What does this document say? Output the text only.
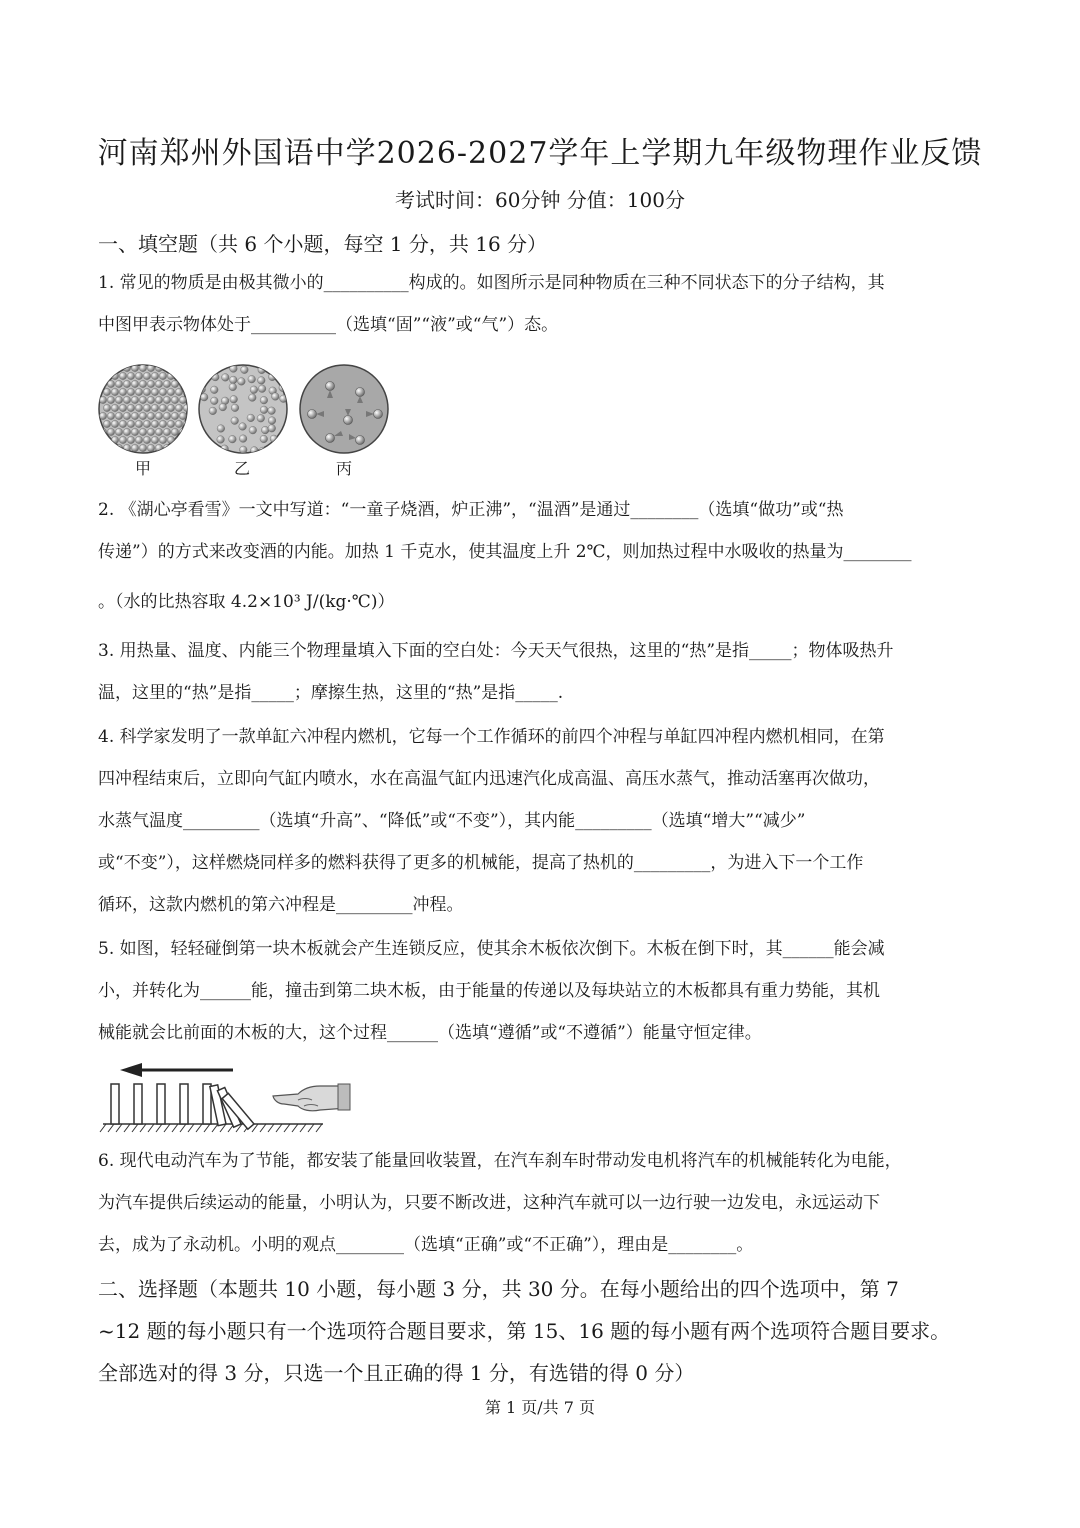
河南郑州外国语中学2026-2027学年上学期九年级物理作业反馈
考试时间：60分钟 分值：100分
一、填空题（共 6 个小题，每空 1 分，共 16 分）

1. 常见的物质是由极其微小的__________构成的。如图所示是同种物质在三种不同状态下的分子结构，其

中图甲表示物体处于__________（选填“固”“液”或“气”）态。

甲	乙	丙

2. 《湖心亭看雪》一文中写道：“一童子烧酒，炉正沸”，“温酒”是通过________（选填“做功”或“热

传递”）的方式来改变酒的内能。加热 1 千克水，使其温度上升 2℃，则加热过程中水吸收的热量为________

。（水的比热容取 4.2×10³ J/(kg·℃)）

3. 用热量、温度、内能三个物理量填入下面的空白处：今天天气很热，这里的“热”是指_____；物体吸热升

温，这里的“热”是指_____；摩擦生热，这里的“热”是指_____.

4. 科学家发明了一款单缸六冲程内燃机，它每一个工作循环的前四个冲程与单缸四冲程内燃机相同，在第

四冲程结束后，立即向气缸内喷水，水在高温气缸内迅速汽化成高温、高压水蒸气，推动活塞再次做功，

水蒸气温度_________（选填“升高”、“降低”或“不变”），其内能_________（选填“增大”“减少”

或“不变”），这样燃烧同样多的燃料获得了更多的机械能，提高了热机的_________，为进入下一个工作

循环，这款内燃机的第六冲程是_________冲程。

5. 如图，轻轻碰倒第一块木板就会产生连锁反应，使其余木板依次倒下。木板在倒下时，其______能会减

小，并转化为______能，撞击到第二块木板，由于能量的传递以及每块站立的木板都具有重力势能，其机

械能就会比前面的木板的大，这个过程______（选填“遵循”或“不遵循”）能量守恒定律。

6. 现代电动汽车为了节能，都安装了能量回收装置，在汽车刹车时带动发电机将汽车的机械能转化为电能，

为汽车提供后续运动的能量，小明认为，只要不断改进，这种汽车就可以一边行驶一边发电，永远运动下

去，成为了永动机。小明的观点________（选填“正确”或“不正确”），理由是________。

二、选择题（本题共 10 小题，每小题 3 分，共 30 分。在每小题给出的四个选项中，第 7

~12 题的每小题只有一个选项符合题目要求，第 15、16 题的每小题有两个选项符合题目要求。

全部选对的得 3 分，只选一个且正确的得 1 分，有选错的得 0 分）

第 1 页/共 7 页
